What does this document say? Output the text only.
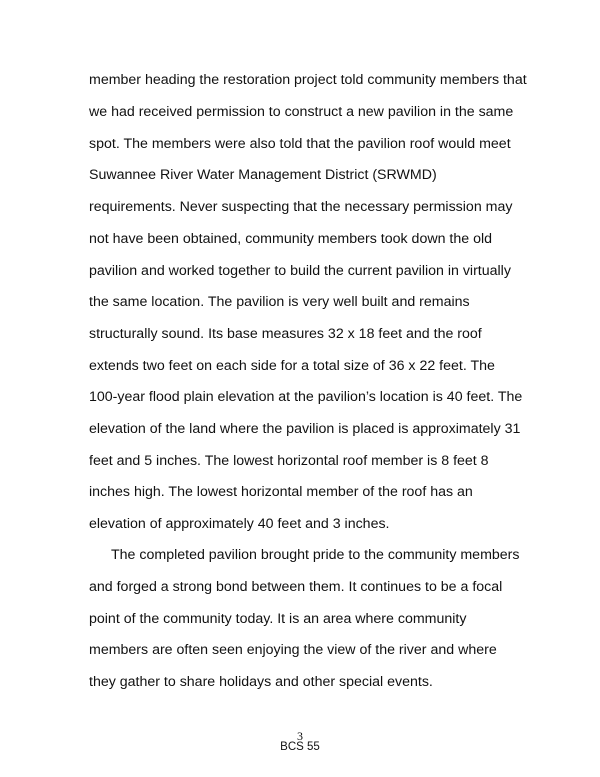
member heading the restoration project told community members that
we had received permission to construct a new pavilion in the same
spot. The members were also told that the pavilion roof would meet
Suwannee River Water Management District (SRWMD)
requirements. Never suspecting that the necessary permission may
not have been obtained, community members took down the old
pavilion and worked together to build the current pavilion in virtually
the same location. The pavilion is very well built and remains
structurally sound. Its base measures 32 x 18 feet and the roof
extends two feet on each side for a total size of 36 x 22 feet. The
100-year flood plain elevation at the pavilion’s location is 40 feet. The
elevation of the land where the pavilion is placed is approximately 31
feet and 5 inches. The lowest horizontal roof member is 8 feet 8
inches high. The lowest horizontal member of the roof has an
elevation of approximately 40 feet and 3 inches.
The completed pavilion brought pride to the community members
and forged a strong bond between them. It continues to be a focal
point of the community today. It is an area where community
members are often seen enjoying the view of the river and where
they gather to share holidays and other special events.
3
BCS 55
